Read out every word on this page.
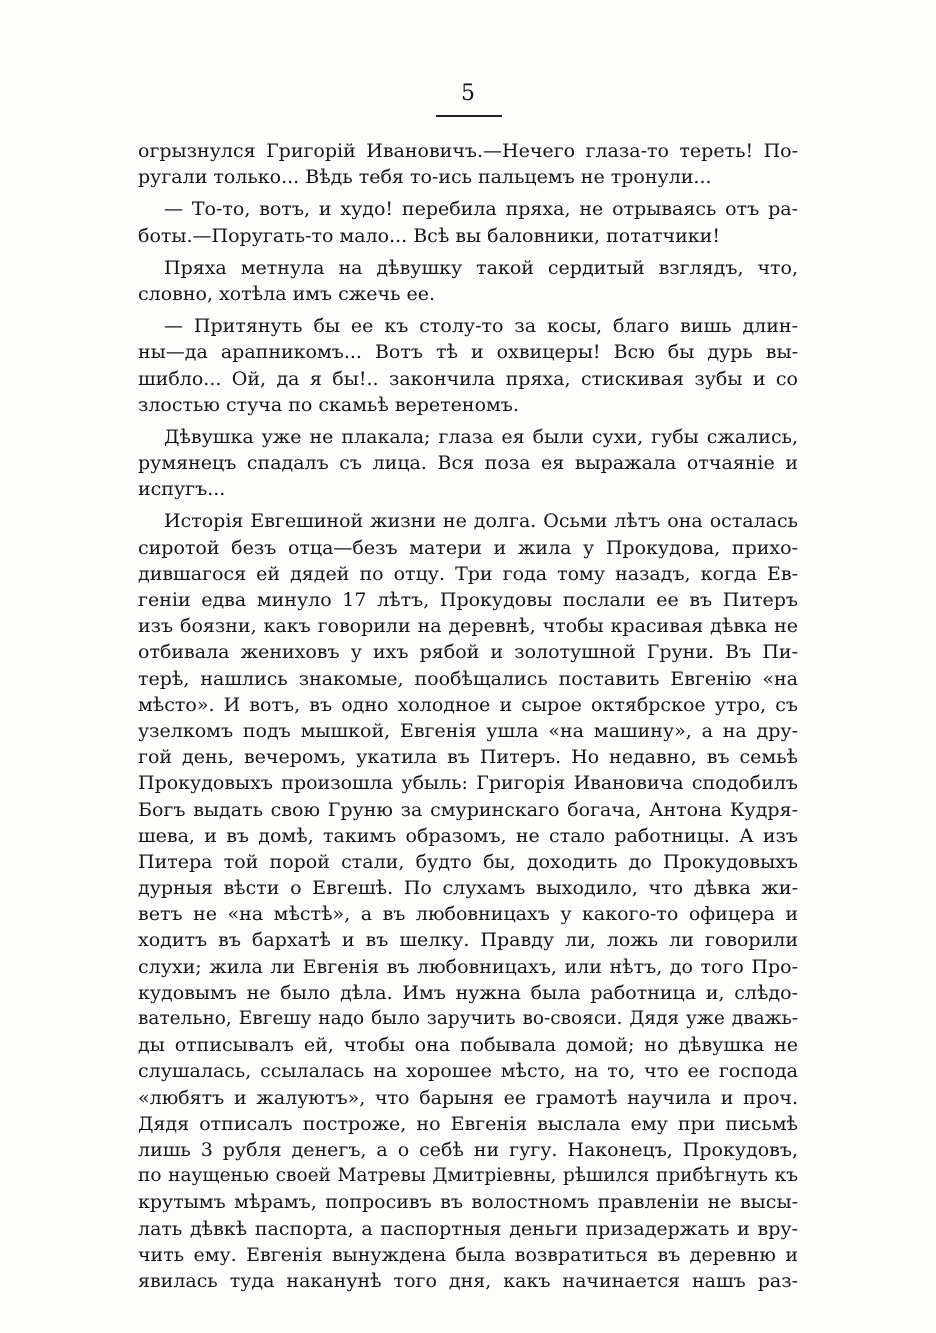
5
огрызнулся Григорій Ивановичъ.—Нечего глаза-то тереть! По-
ругали только... Вѣдь тебя то-ись пальцемъ не тронули...
— То-то, вотъ, и худо! перебила пряха, не отрываясь отъ ра-
боты.—Поругать-то мало... Всѣ вы баловники, потатчики!
Пряха метнула на дѣвушку такой сердитый взглядъ, что,
словно, хотѣла имъ сжечь ее.
— Притянуть бы ее къ столу-то за косы, благо вишь длин-
ны—да арапникомъ... Вотъ тѣ и охвицеры! Всю бы дурь вы-
шибло... Ой, да я бы!.. закончила пряха, стискивая зубы и со
злостью стуча по скамьѣ веретеномъ.
Дѣвушка уже не плакала; глаза ея были сухи, губы сжались,
румянецъ спадалъ съ лица. Вся поза ея выражала отчаяніе и
испугъ...
Исторія Евгешиной жизни не долга. Осьми лѣтъ она осталась
сиротой безъ отца—безъ матери и жила у Прокудова, прихо-
дившагося ей дядей по отцу. Три года тому назадъ, когда Ев-
геніи едва минуло 17 лѣтъ, Прокудовы послали ее въ Питеръ
изъ боязни, какъ говорили на деревнѣ, чтобы красивая дѣвка не
отбивала жениховъ у ихъ рябой и золотушной Груни. Въ Пи-
терѣ, нашлись знакомые, пообѣщались поставить Евгенію «на
мѣсто». И вотъ, въ одно холодное и сырое октябрское утро, съ
узелкомъ подъ мышкой, Евгенія ушла «на машину», а на дру-
гой день, вечеромъ, укатила въ Питеръ. Но недавно, въ семьѣ
Прокудовыхъ произошла убыль: Григорія Ивановича сподобилъ
Богъ выдать свою Груню за смуринскаго богача, Антона Кудря-
шева, и въ домѣ, такимъ образомъ, не стало работницы. А изъ
Питера той порой стали, будто бы, доходить до Прокудовыхъ
дурныя вѣсти о Евгешѣ. По слухамъ выходило, что дѣвка жи-
ветъ не «на мѣстѣ», а въ любовницахъ у какого-то офицера и
ходитъ въ бархатѣ и въ шелку. Правду ли, ложь ли говорили
слухи; жила ли Евгенія въ любовницахъ, или нѣтъ, до того Про-
кудовымъ не было дѣла. Имъ нужна была работница и, слѣдо-
вательно, Евгешу надо было заручить во-свояси. Дядя уже дважь-
ды отписывалъ ей, чтобы она побывала домой; но дѣвушка не
слушалась, ссылалась на хорошее мѣсто, на то, что ее господа
«любятъ и жалуютъ», что барыня ее грамотѣ научила и проч.
Дядя отписалъ построже, но Евгенія выслала ему при письмѣ
лишь 3 рубля денегъ, а о себѣ ни гугу. Наконецъ, Прокудовъ,
по наущенью своей Матревы Дмитріевны, рѣшился прибѣгнуть къ
крутымъ мѣрамъ, попросивъ въ волостномъ правленіи не высы-
лать дѣвкѣ паспорта, а паспортныя деньги призадержать и вру-
чить ему. Евгенія вынуждена была возвратиться въ деревню и
явилась туда наканунѣ того дня, какъ начинается нашъ раз-
